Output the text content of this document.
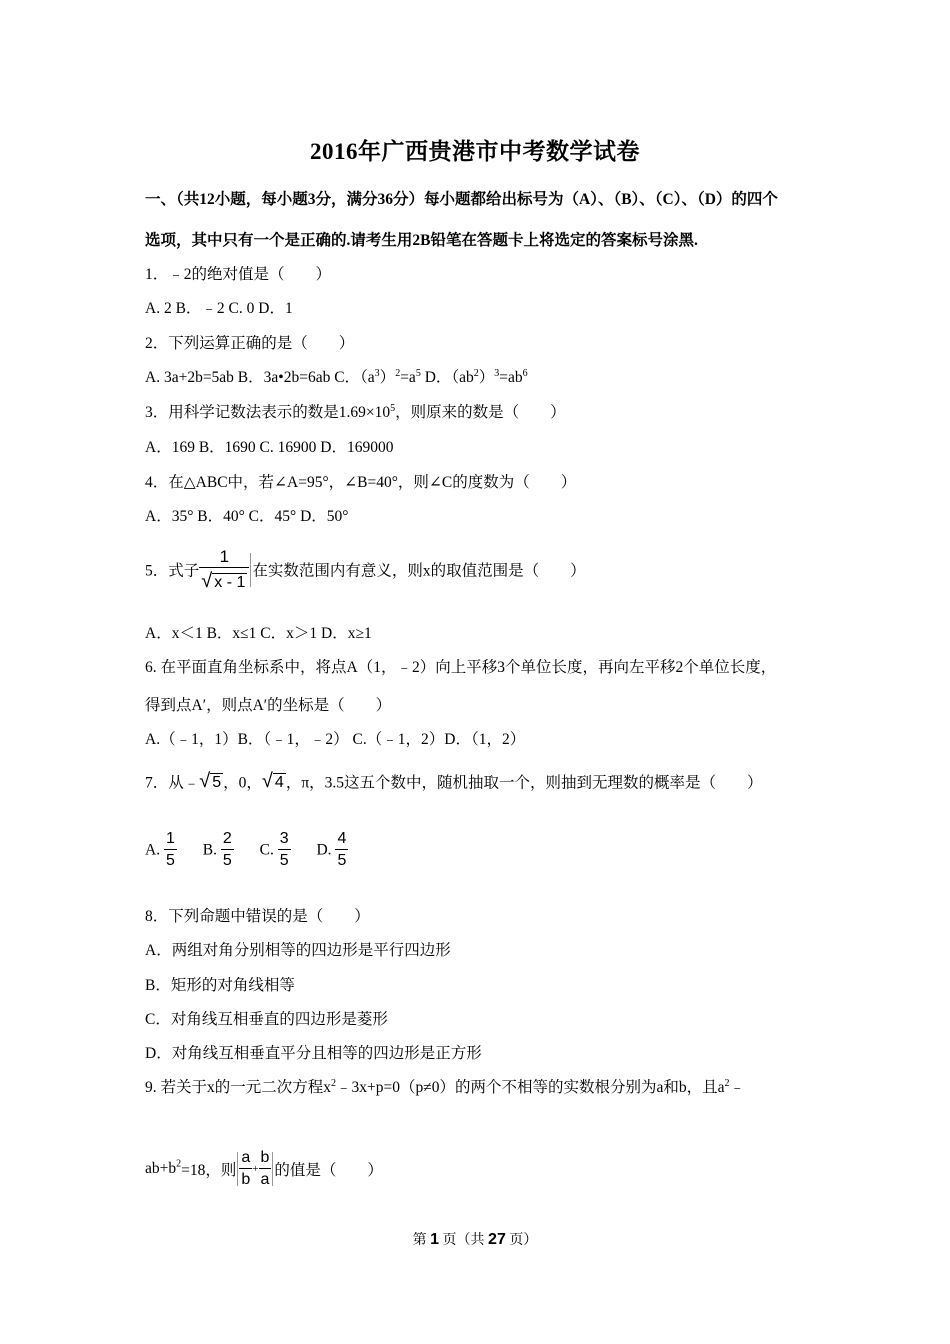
2016年广西贵港市中考数学试卷
一、（共12小题，每小题3分，满分36分）每小题都给出标号为（A）、（B）、（C）、（D）的四个
选项，其中只有一个是正确的.请考生用2B铅笔在答题卡上将选定的答案标号涂黑.
1．﹣2的绝对值是（　　）
A. 2 B．﹣2 C. 0 D．1
2．下列运算正确的是（　　）
A. 3a+2b=5ab B．3a•2b=6ab C．$(a^3)^2=a^5$ D．$(ab^2)^3=ab^6$
3．用科学记数法表示的数是$1.69\times 10^5$，则原来的数是（　　）
A．169 B．1690 C. 16900 D．169000
4．在△ABC中，若∠A=95°，∠B=40°，则∠C的度数为（　　）
A．35° B．40° C．45° D．50°
5．式子 $\frac{1}{√ x - 1}$ 在实数范围内有意义，则x的取值范围是（　　）
A．x＜1 B．x≤1 C．x＞1 D．x≥1
6. 在平面直角坐标系中，将点A（1，﹣2）向上平移3个单位长度，再向左平移2个单位长度，
得到点A′，则点A′的坐标是（　　）
A.（﹣1，1）B．（﹣1，﹣2） C.（﹣1，2）D．（1，2）
7．从﹣√ 5 ，0，√ 4 ，π，3.5这五个数中，随机抽取一个，则抽到无理数的概率是（　　）
A. $\frac{1}{5} B$. $\frac{2}{5} C$. $\frac{3}{5} D$. $\frac{4}{5}$
8．下列命题中错误的是（　　）
A．两组对角分别相等的四边形是平行四边形
B．矩形的对角线相等
C．对角线互相垂直的四边形是菱形
D．对角线互相垂直平分且相等的四边形是正方形
9. 若关于x的一元二次方程$x^2﹣3x+p=0(p\ne 0)$的两个不相等的实数根分别为a和b，且$a^2﹣$
$ab+b^2=18$，则 $\frac{a}{b} + \frac{b}{a}$ 的值是（　　）
第 1 页（共 27 页）
